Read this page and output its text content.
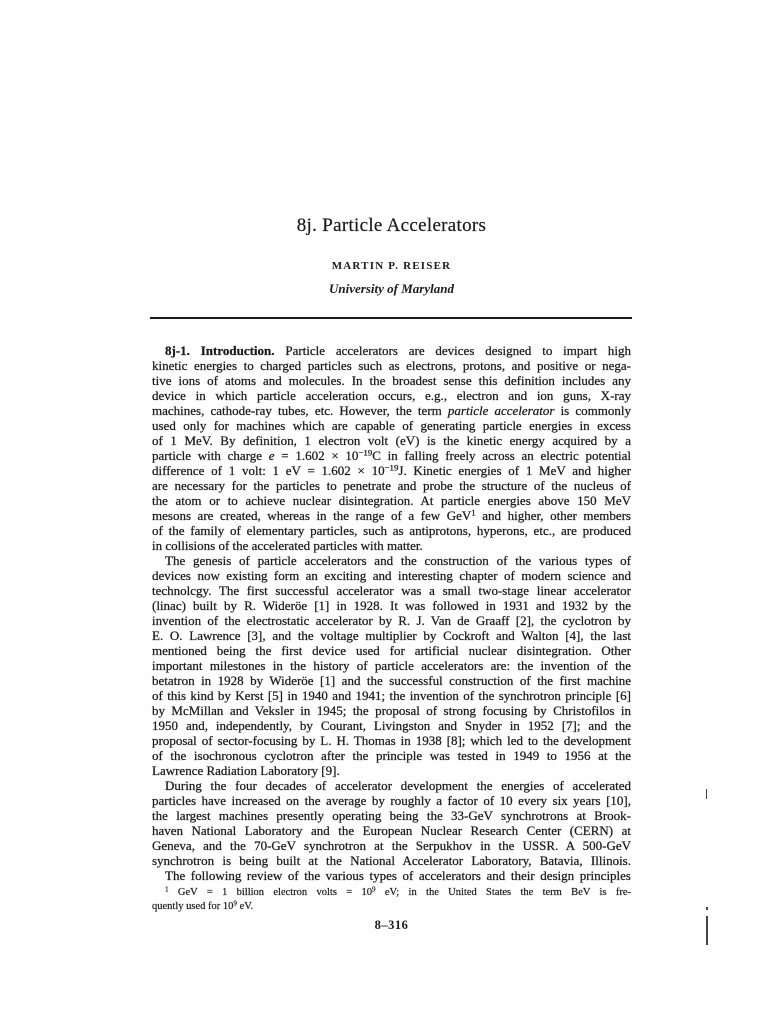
8j. Particle Accelerators
MARTIN P. REISER
University of Maryland
8j-1. Introduction. Particle accelerators are devices designed to impart high
kinetic energies to charged particles such as electrons, protons, and positive or nega-
tive ions of atoms and molecules. In the broadest sense this definition includes any
device in which particle acceleration occurs, e.g., electron and ion guns, X-ray
machines, cathode-ray tubes, etc. However, the term particle accelerator is commonly
used only for machines which are capable of generating particle energies in excess
of 1 MeV. By definition, 1 electron volt (eV) is the kinetic energy acquired by a
particle with charge $e = 1.602 \times 10^{-19}C$ in falling freely across an electric potential
difference of 1 volt: 1 eV = $1.602 \times 10^{-19}J$. Kinetic energies of 1 MeV and higher
are necessary for the particles to penetrate and probe the structure of the nucleus of
the atom or to achieve nuclear disintegration. At particle energies above 150 MeV
mesons are created, whereas in the range of a few GeV$^1$ and higher, other members
of the family of elementary particles, such as antiprotons, hyperons, etc., are produced
in collisions of the accelerated particles with matter.
The genesis of particle accelerators and the construction of the various types of
devices now existing form an exciting and interesting chapter of modern science and
technolcgy. The first successful accelerator was a small two-stage linear accelerator
(linac) built by R. Wideröe [1] in 1928. It was followed in 1931 and 1932 by the
invention of the electrostatic accelerator by R. J. Van de Graaff [2], the cyclotron by
E. O. Lawrence [3], and the voltage multiplier by Cockroft and Walton [4], the last
mentioned being the first device used for artificial nuclear disintegration. Other
important milestones in the history of particle accelerators are: the invention of the
betatron in 1928 by Wideröe [1] and the successful construction of the first machine
of this kind by Kerst [5] in 1940 and 1941; the invention of the synchrotron principle [6]
by McMillan and Veksler in 1945; the proposal of strong focusing by Christofilos in
1950 and, independently, by Courant, Livingston and Snyder in 1952 [7]; and the
proposal of sector-focusing by L. H. Thomas in 1938 [8]; which led to the development
of the isochronous cyclotron after the principle was tested in 1949 to 1956 at the
Lawrence Radiation Laboratory [9].
During the four decades of accelerator development the energies of accelerated
particles have increased on the average by roughly a factor of 10 every six years [10],
the largest machines presently operating being the 33-GeV synchrotrons at Brook-
haven National Laboratory and the European Nuclear Research Center (CERN) at
Geneva, and the 70-GeV synchrotron at the Serpukhov in the USSR. A 500-GeV
synchrotron is being built at the National Accelerator Laboratory, Batavia, Illinois.
The following review of the various types of accelerators and their design principles
$^1$ GeV = 1 billion electron volts = $10^9$ eV; in the United States the term BeV is fre-
quently used for $10^9$ eV.
8–316
